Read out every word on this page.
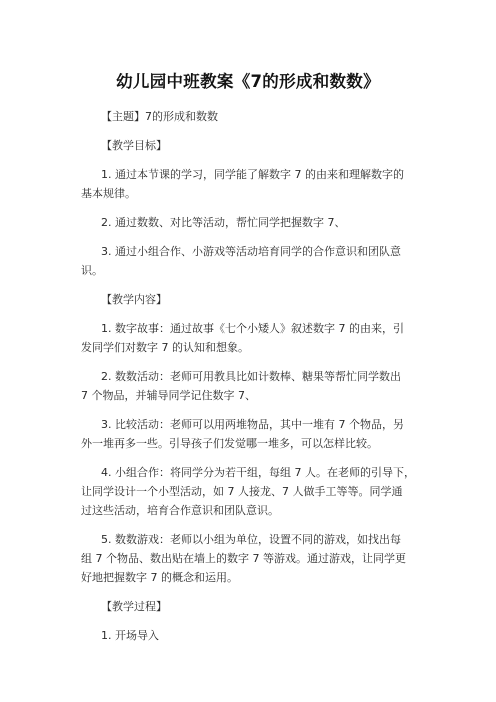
幼儿园中班教案《7的形成和数数》
【主题】7的形成和数数
【教学目标】
1. 通过本节课的学习，同学能了解数字 7 的由来和理解数字的
基本规律。
2. 通过数数、对比等活动，帮忙同学把握数字 7、
3. 通过小组合作、小游戏等活动培育同学的合作意识和团队意
识。
【教学内容】
1. 数字故事：通过故事《七个小矮人》叙述数字 7 的由来，引
发同学们对数字 7 的认知和想象。
2. 数数活动：老师可用教具比如计数棒、糖果等帮忙同学数出
7 个物品，并辅导同学记住数字 7、
3. 比较活动：老师可以用两堆物品，其中一堆有 7 个物品，另
外一堆再多一些。引导孩子们发觉哪一堆多，可以怎样比较。
4. 小组合作：将同学分为若干组，每组 7 人。在老师的引导下，
让同学设计一个小型活动，如 7 人接龙、7 人做手工等等。同学通
过这些活动，培育合作意识和团队意识。
5. 数数游戏：老师以小组为单位，设置不同的游戏，如找出每
组 7 个物品、数出贴在墙上的数字 7 等游戏。通过游戏，让同学更
好地把握数字 7 的概念和运用。
【教学过程】
1. 开场导入
